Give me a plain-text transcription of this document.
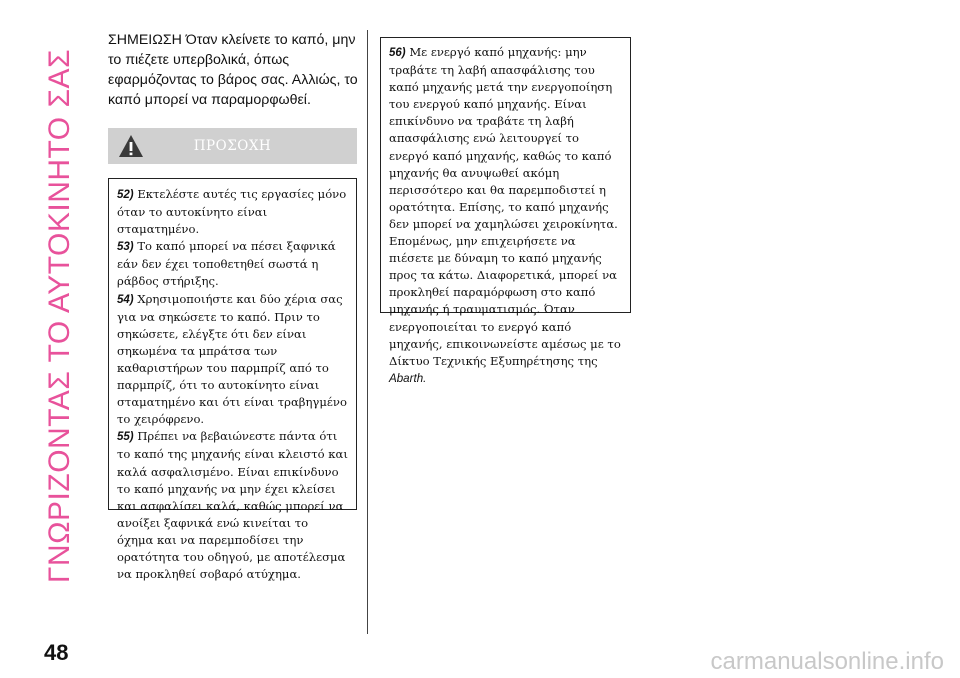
ΓΝΩΡΙΖΟΝΤΑΣ ΤΟ ΑΥΤΟΚΙΝΗΤΟ ΣΑΣ

ΣΗΜΕΙΩΣΗ Όταν κλείνετε το καπό, μην το πιέζετε υπερβολικά, όπως εφαρμόζοντας το βάρος σας. Αλλιώς, το καπό μπορεί να παραμορφωθεί.

ΠΡΟΣΟΧΗ

52) Εκτελέστε αυτές τις εργασίες μόνο όταν το αυτοκίνητο είναι σταματημένο.

53) Το καπό μπορεί να πέσει ξαφνικά εάν δεν έχει τοποθετηθεί σωστά η ράβδος στήριξης.

54) Χρησιμοποιήστε και δύο χέρια σας για να σηκώσετε το καπό. Πριν το σηκώσετε, ελέγξτε ότι δεν είναι σηκωμένα τα μπράτσα των καθαριστήρων του παρμπρίζ από το παρμπρίζ, ότι το αυτοκίνητο είναι σταματημένο και ότι είναι τραβηγμένο το χειρόφρενο.

55) Πρέπει να βεβαιώνεστε πάντα ότι το καπό της μηχανής είναι κλειστό και καλά ασφαλισμένο. Είναι επικίνδυνο το καπό μηχανής να μην έχει κλείσει και ασφαλίσει καλά, καθώς μπορεί να ανοίξει ξαφνικά ενώ κινείται το όχημα και να παρεμποδίσει την ορατότητα του οδηγού, με αποτέλεσμα να προκληθεί σοβαρό ατύχημα.

56) Με ενεργό καπό μηχανής: μην τραβάτε τη λαβή απασφάλισης του καπό μηχανής μετά την ενεργοποίηση του ενεργού καπό μηχανής. Είναι επικίνδυνο να τραβάτε τη λαβή απασφάλισης ενώ λειτουργεί το ενεργό καπό μηχανής, καθώς το καπό μηχανής θα ανυψωθεί ακόμη περισσότερο και θα παρεμποδιστεί η ορατότητα. Επίσης, το καπό μηχανής δεν μπορεί να χαμηλώσει χειροκίνητα. Επομένως, μην επιχειρήσετε να πιέσετε με δύναμη το καπό μηχανής προς τα κάτω. Διαφορετικά, μπορεί να προκληθεί παραμόρφωση στο καπό μηχανής ή τραυματισμός. Όταν ενεργοποιείται το ενεργό καπό μηχανής, επικοινωνείστε αμέσως με το Δίκτυο Τεχνικής Εξυπηρέτησης της Abarth.

48	carmanualsonline.info
